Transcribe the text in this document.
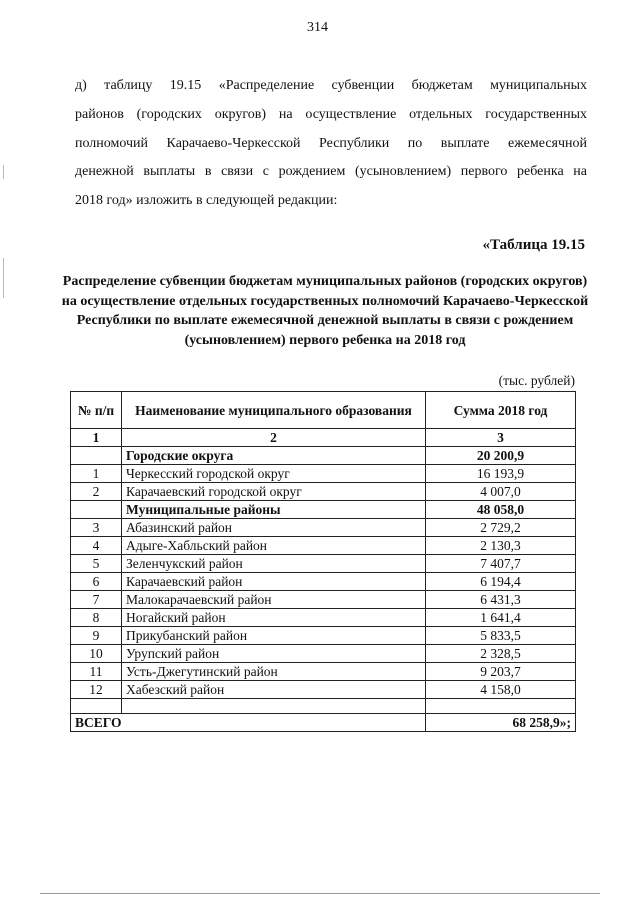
314
д) таблицу 19.15 «Распределение субвенции бюджетам муниципальных
районов (городских округов) на осуществление отдельных государственных
полномочий Карачаево-Черкесской Республики по выплате ежемесячной
денежной выплаты в связи с рождением (усыновлением) первого ребенка на
2018 год» изложить в следующей редакции:
«Таблица 19.15
Распределение субвенции бюджетам муниципальных районов (городских округов) на осуществление отдельных государственных полномочий Карачаево-Черкесской Республики по выплате ежемесячной денежной выплаты в связи с рождением (усыновлением) первого ребенка на 2018 год
(тыс. рублей)
№ п/п	Наименование муниципального образования	Сумма 2018 год
1	2	3
	Городские округа	20 200,9
1	Черкесский городской округ	16 193,9
2	Карачаевский городской округ	4 007,0
	Муниципальные районы	48 058,0
3	Абазинский район	2 729,2
4	Адыге-Хабльский район	2 130,3
5	Зеленчукский район	7 407,7
6	Карачаевский район	6 194,4
7	Малокарачаевский район	6 431,3
8	Ногайский район	1 641,4
9	Прикубанский район	5 833,5
10	Урупский район	2 328,5
11	Усть-Джегутинский район	9 203,7
12	Хабезский район	4 158,0

ВСЕГО		68 258,9»;
